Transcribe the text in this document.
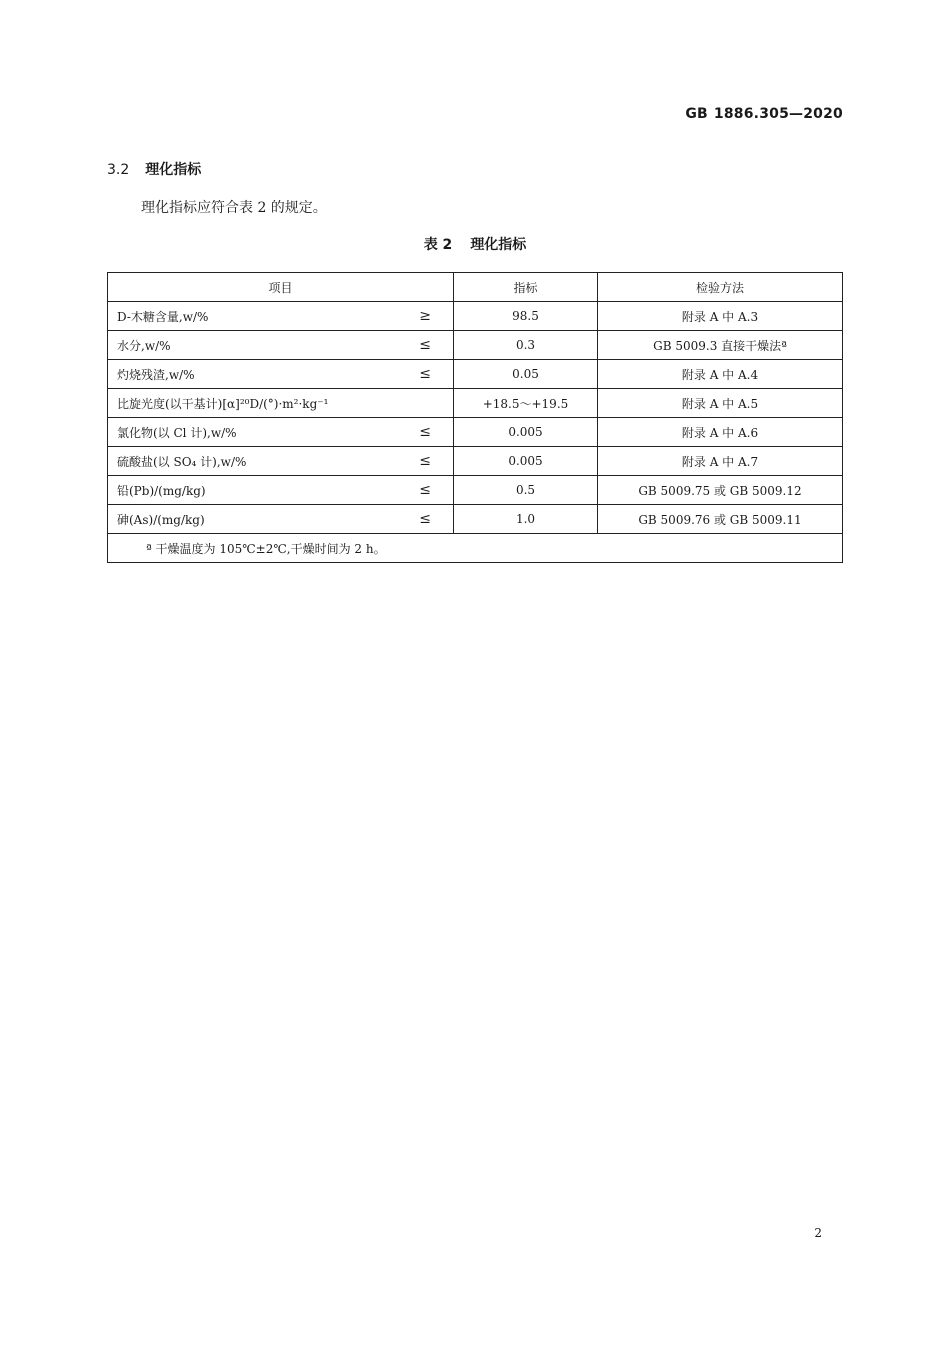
GB 1886.305—2020
3.2 理化指标
理化指标应符合表 2 的规定。
表 2 理化指标
项目	指标	检验方法
D-木糖含量,w/% ≥	98.5	附录 A 中 A.3
水分,w/% ≤	0.3	GB 5009.3 直接干燥法ª
灼烧残渣,w/% ≤	0.05	附录 A 中 A.4
比旋光度(以干基计)[α]²⁰D/(°)·m²·kg⁻¹	+18.5～+19.5	附录 A 中 A.5
氯化物(以 Cl 计),w/% ≤	0.005	附录 A 中 A.6
硫酸盐(以 SO₄ 计),w/% ≤	0.005	附录 A 中 A.7
铅(Pb)/(mg/kg) ≤	0.5	GB 5009.75 或 GB 5009.12
砷(As)/(mg/kg) ≤	1.0	GB 5009.76 或 GB 5009.11
ª 干燥温度为 105℃±2℃,干燥时间为 2 h。		
2
